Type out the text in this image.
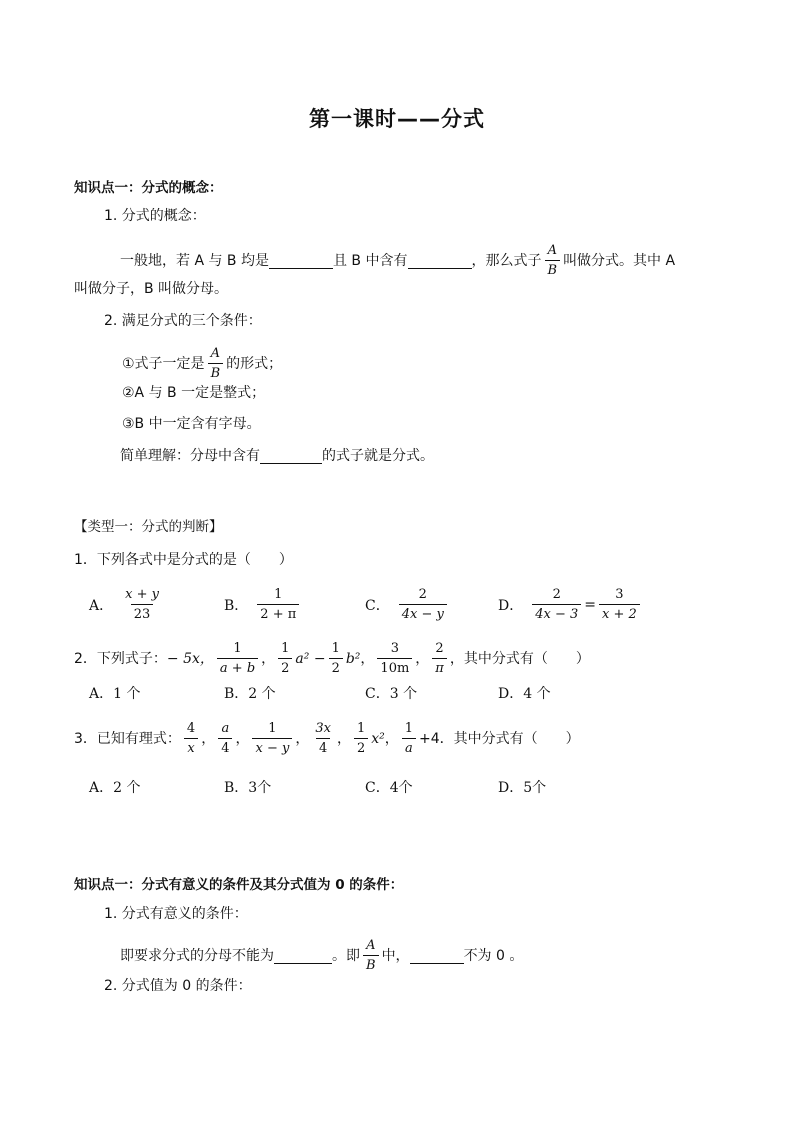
第一课时——分式
知识点一：分式的概念：
1. 分式的概念：
一般地，若 A 与 B 均是	且 B 中含有	，那么式子 $\frac{A}{B}$ 叫做分式。其中 A
叫做分子，B 叫做分母。
2. 满足分式的三个条件：
①式子一定是 $\frac{A}{B}$ 的形式；
②A 与 B 一定是整式；
③B 中一定含有字母。
简单理解：分母中含有	的式子就是分式。
【类型一：分式的判断】
1．下列各式中是分式的是（　　）
A． $\frac{x + y}{23}$	B． $\frac{1}{2 + \pi}$	C． $\frac{2}{4x - y}$	D． $\frac{2}{4x - 3} = \frac{3}{x + 2}$
2．下列式子： − 5x， $\frac{1}{a + b}$ ， $\frac{1}{2} a^2 - \frac{1}{2} b^2$ ， $\frac{3}{10m}$ ， $\frac{2}{\pi}$ ，其中分式有（　　）
A．1 个	B．2 个	C．3 个	D．4 个
3．已知有理式： $\frac{4}{x}$ ， $\frac{a}{4}$ ， $\frac{1}{x - y}$ ， $\frac{3x}{4}$ ， $\frac{1}{2} x^2$ ， $\frac{1}{a} +4$．其中分式有（　　）
A．2 个	B．3个	C．4个	D．5个
知识点一：分式有意义的条件及其分式值为 0 的条件：
1. 分式有意义的条件：
即要求分式的分母不能为	。即 $\frac{A}{B}$ 中，	不为 0 。
2. 分式值为 0 的条件：
